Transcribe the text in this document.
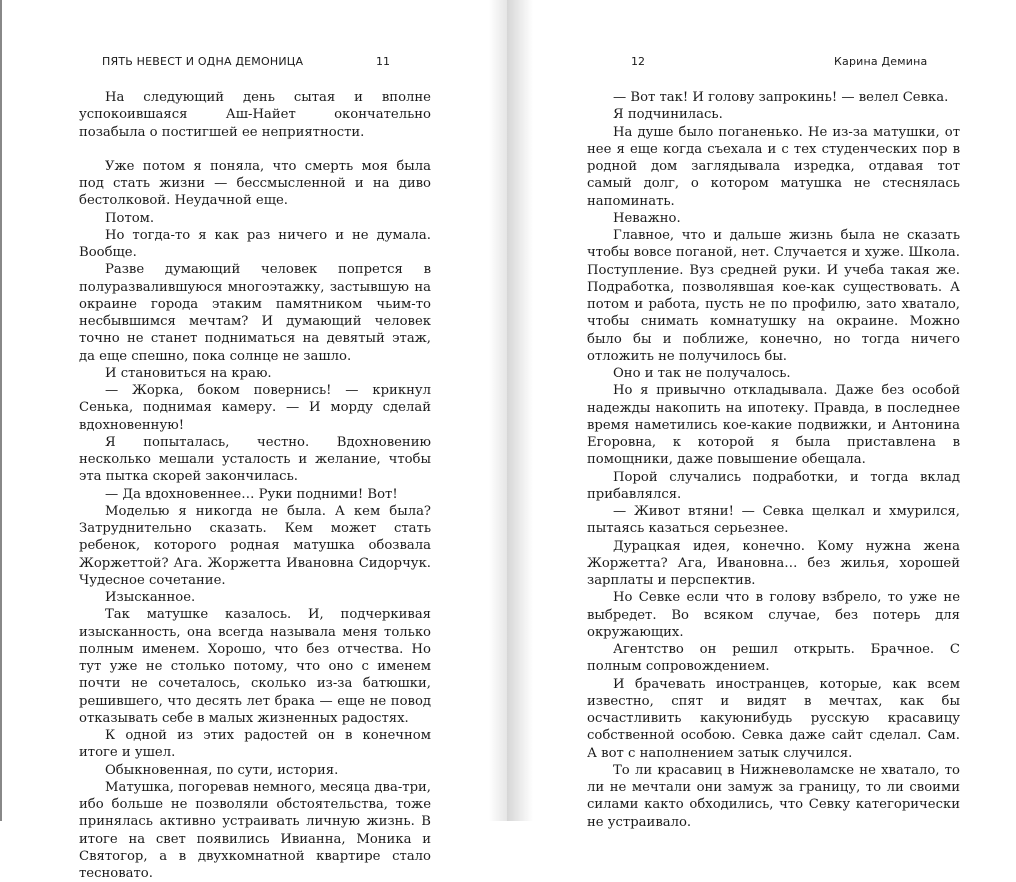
ПЯТЬ НЕВЕСТ И ОДНА ДЕМОНИЦА	11

На следующий день сытая и вполне успокоившаяся Аш-Найет окончательно позабыла о постигшей ее неприятности.

Уже потом я поняла, что смерть моя была под стать жизни — бессмысленной и на диво бестолковой. Неудачной еще.

Потом.

Но тогда-то я как раз ничего и не думала. Вообще.

Разве думающий человек попрется в полуразвалившуюся многоэтажку, застывшую на окраине города этаким памятником чьим-то несбывшимся мечтам? И думающий человек точно не станет подниматься на девятый этаж, да еще спешно, пока солнце не зашло.

И становиться на краю.

— Жорка, боком повернись! — крикнул Сенька, поднимая камеру. — И морду сделай вдохновенную!

Я попыталась, честно. Вдохновению несколько мешали усталость и желание, чтобы эта пытка скорей закончилась.

— Да вдохновеннее… Руки подними! Вот!

Моделью я никогда не была. А кем была? Затруднительно сказать. Кем может стать ребенок, которого родная матушка обозвала Жоржеттой? Ага. Жоржетта Ивановна Сидорчук. Чудесное сочетание.

Изысканное.

Так матушке казалось. И, подчеркивая изысканность, она всегда называла меня только полным именем. Хорошо, что без отчества. Но тут уже не столько потому, что оно с именем почти не сочеталось, сколько из-за батюшки, решившего, что десять лет брака — еще не повод отказывать себе в малых жизненных радостях.

К одной из этих радостей он в конечном итоге и ушел.

Обыкновенная, по сути, история.

Матушка, погоревав немного, месяца два-три, ибо больше не позволяли обстоятельства, тоже принялась активно устраивать личную жизнь. В итоге на свет появились Ивианна, Моника и Святогор, а в двухкомнатной квартире стало тесновато.

12	Карина Демина

— Вот так! И голову запрокинь! — велел Севка.

Я подчинилась.

На душе было поганенько. Не из-за матушки, от нее я еще когда съехала и с тех студенческих пор в родной дом заглядывала изредка, отдавая тот самый долг, о котором матушка не стеснялась напоминать.

Неважно.

Главное, что и дальше жизнь была не сказать чтобы вовсе поганой, нет. Случается и хуже. Школа. Поступление. Вуз средней руки. И учеба такая же. Подработка, позволявшая кое-как существовать. А потом и работа, пусть не по профилю, зато хватало, чтобы снимать комнатушку на окраине. Можно было бы и поближе, конечно, но тогда ничего отложить не получилось бы.

Оно и так не получалось.

Но я привычно откладывала. Даже без особой надежды накопить на ипотеку. Правда, в последнее время наметились кое-какие подвижки, и Антонина Егоровна, к которой я была приставлена в помощники, даже повышение обещала.

Порой случались подработки, и тогда вклад прибавлялся.

— Живот втяни! — Севка щелкал и хмурился, пытаясь казаться серьезнее.

Дурацкая идея, конечно. Кому нужна жена Жоржетта? Ага, Ивановна… без жилья, хорошей зарплаты и перспектив.

Но Севке если что в голову взбрело, то уже не выбредет. Во всяком случае, без потерь для окружающих.

Агентство он решил открыть. Брачное. С полным сопровождением.

И брачевать иностранцев, которые, как всем известно, спят и видят в мечтах, как бы осчастливить какуюнибудь русскую красавицу собственной особою. Севка даже сайт сделал. Сам. А вот с наполнением затык случился.

То ли красавиц в Нижневоламске не хватало, то ли не мечтали они замуж за границу, то ли своими силами както обходились, что Севку категорически не устраивало.
